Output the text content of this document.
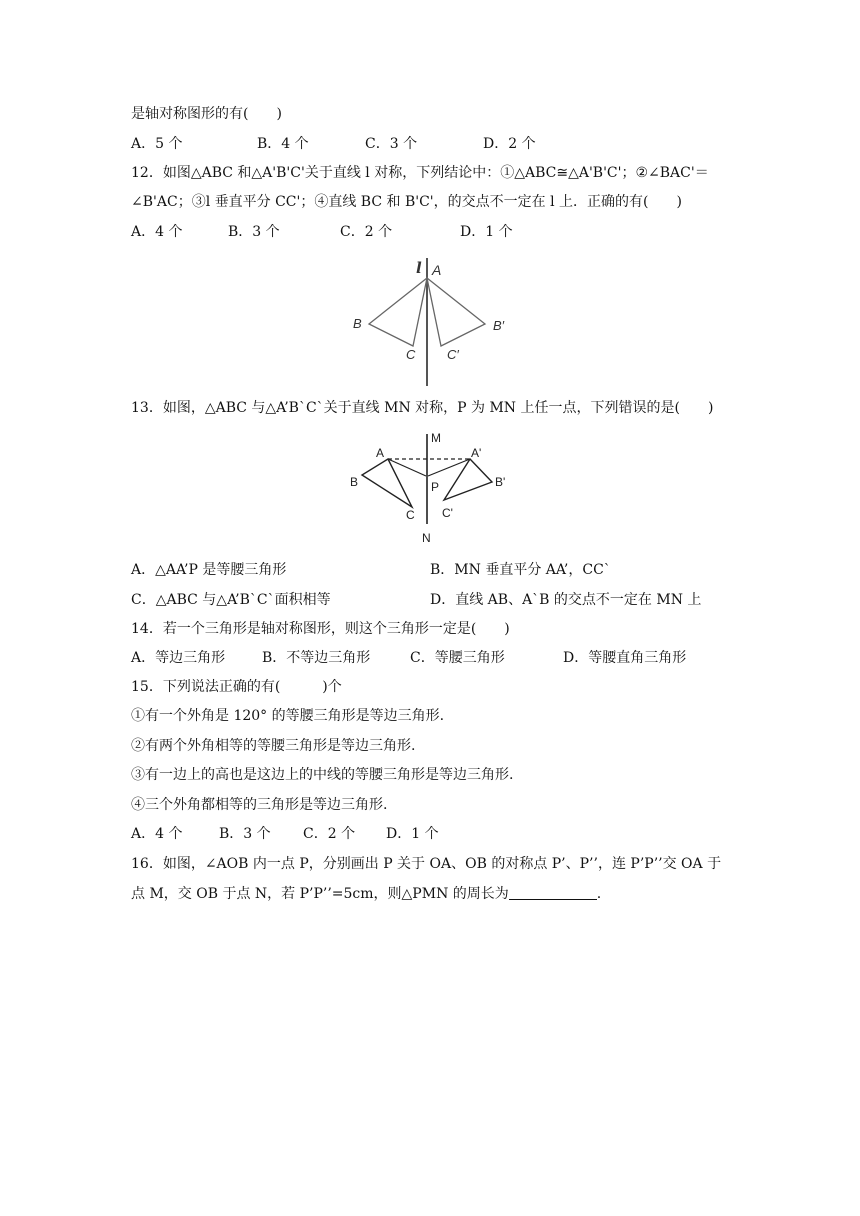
是轴对称图形的有(　　)
A．5 个	B．4 个	C．3 个	D．2 个
12．如图△ABC 和△A'B'C'关于直线 l 对称，下列结论中：①△ABC≅△A'B'C'；②∠BAC'＝
∠B'AC；③l 垂直平分 CC'；④直线 BC 和 B'C'，的交点不一定在 l 上．正确的有(　　)
A．4 个	B．3 个	C．2 个	D．1 个
l A
B
C
B′
C′
13．如图，△ABC 与△A’B`C`关于直线 MN 对称，P 为 MN 上任一点，下列错误的是(　　)
M
N
A
B
C
P
A'
B'
C'
A．△AA’P 是等腰三角形	B．MN 垂直平分 AA’，CC`
C．△ABC 与△A’B`C`面积相等	D．直线 AB、A`B 的交点不一定在 MN 上
14．若一个三角形是轴对称图形，则这个三角形一定是(　　)
A．等边三角形	B．不等边三角形	C．等腰三角形	D．等腰直角三角形
15．下列说法正确的有(　　　)个
①有一个外角是 120° 的等腰三角形是等边三角形.
②有两个外角相等的等腰三角形是等边三角形.
③有一边上的高也是这边上的中线的等腰三角形是等边三角形.
④三个外角都相等的三角形是等边三角形.
A．4 个	B．3 个 C．2 个 D．1 个
16．如图，∠AOB 内一点 P，分别画出 P 关于 OA、OB 的对称点 P’、P’’，连 P’P’’交 OA 于
点 M，交 OB 于点 N，若 P’P’’=5cm，则△PMN 的周长为	.
